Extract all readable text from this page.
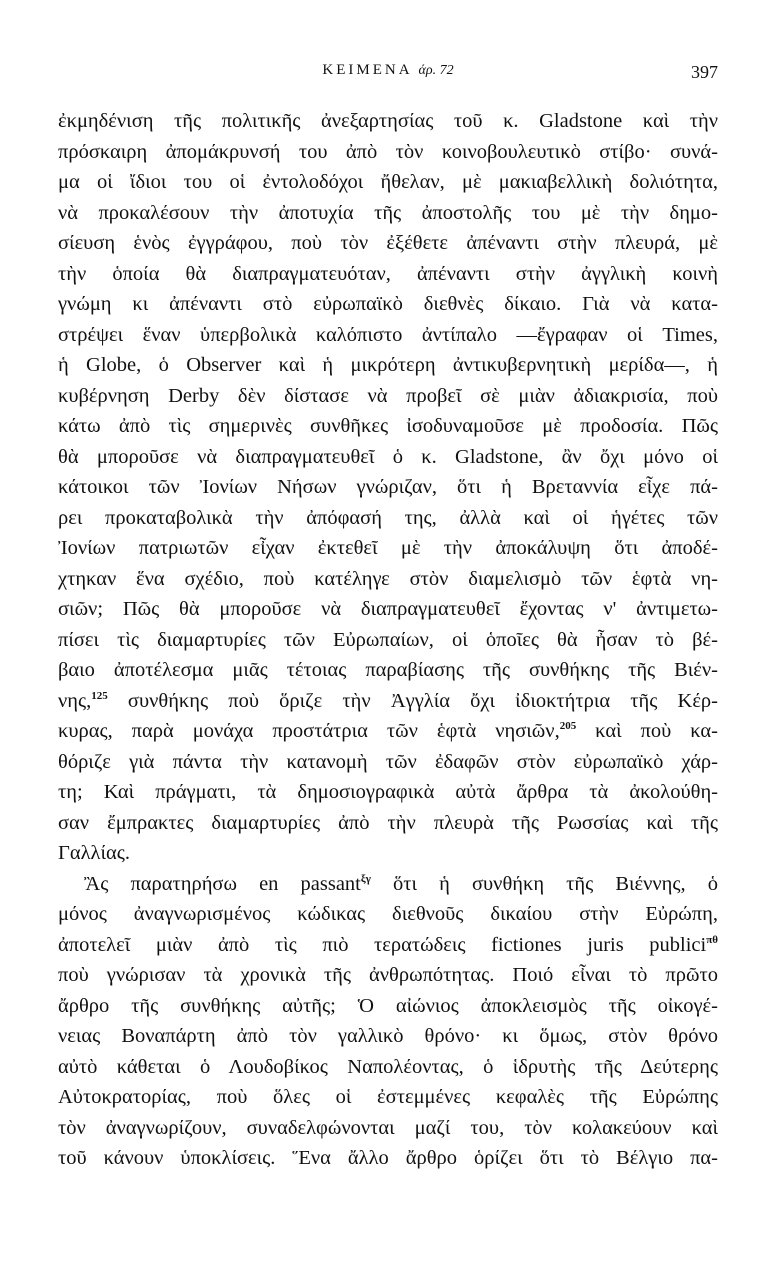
ΚΕΙΜΕΝΑ άρ. 72	397
ἐκμηδένιση τῆς πολιτικῆς ἀνεξαρτησίας τοῦ κ. Gladstone καὶ τὴν
πρόσκαιρη ἀπομάκρυνσή του ἀπὸ τὸν κοινοβουλευτικὸ στίβο· συνά-
μα οἱ ἴδιοι του οἱ ἐντολοδόχοι ἤθελαν, μὲ μακιαβελλικὴ δολιότητα,
νὰ προκαλέσουν τὴν ἀποτυχία τῆς ἀποστολῆς του μὲ τὴν δημο-
σίευση ἑνὸς ἐγγράφου, ποὺ τὸν ἐξέθετε ἀπέναντι στὴν πλευρά, μὲ
τὴν ὁποία θὰ διαπραγματευόταν, ἀπέναντι στὴν ἀγγλικὴ κοινὴ
γνώμη κι ἀπέναντι στὸ εὐρωπαϊκὸ διεθνὲς δίκαιο. Γιὰ νὰ κατα-
στρέψει ἕναν ὑπερβολικὰ καλόπιστο ἀντίπαλο —ἔγραφαν οἱ Times,
ἡ Globe, ὁ Observer καὶ ἡ μικρότερη ἀντικυβερνητικὴ μερίδα—, ἡ
κυβέρνηση Derby δὲν δίστασε νὰ προβεῖ σὲ μιὰν ἀδιακρισία, ποὺ
κάτω ἀπὸ τὶς σημερινὲς συνθῆκες ἰσοδυναμοῦσε μὲ προδοσία. Πῶς
θὰ μποροῦσε νὰ διαπραγματευθεῖ ὁ κ. Gladstone, ἂν ὄχι μόνο οἱ
κάτοικοι τῶν Ἰονίων Νήσων γνώριζαν, ὅτι ἡ Βρεταννία εἶχε πά-
ρει προκαταβολικὰ τὴν ἀπόφασή της, ἀλλὰ καὶ οἱ ἡγέτες τῶν
Ἰονίων πατριωτῶν εἶχαν ἐκτεθεῖ μὲ τὴν ἀποκάλυψη ὅτι ἀποδέ-
χτηκαν ἕνα σχέδιο, ποὺ κατέληγε στὸν διαμελισμὸ τῶν ἑφτὰ νη-
σιῶν; Πῶς θὰ μποροῦσε νὰ διαπραγματευθεῖ ἔχοντας ν' ἀντιμετω-
πίσει τὶς διαμαρτυρίες τῶν Εὐρωπαίων, οἱ ὁποῖες θὰ ἦσαν τὸ βέ-
βαιο ἀποτέλεσμα μιᾶς τέτοιας παραβίασης τῆς συνθήκης τῆς Βιέν-
νης,$^{125}$ συνθήκης ποὺ ὅριζε τὴν Ἀγγλία ὄχι ἰδιοκτήτρια τῆς Κέρ-
κυρας, παρὰ μονάχα προστάτρια τῶν ἑφτὰ νησιῶν,$^{205}$ καὶ ποὺ κα-
θόριζε γιὰ πάντα τὴν κατανομὴ τῶν ἐδαφῶν στὸν εὐρωπαϊκὸ χάρ-
τη; Καὶ πράγματι, τὰ δημοσιογραφικὰ αὐτὰ ἄρθρα τὰ ἀκολούθη-
σαν ἔμπρακτες διαμαρτυρίες ἀπὸ τὴν πλευρὰ τῆς Ρωσσίας καὶ τῆς
Γαλλίας.
Ἂς παρατηρήσω en passant$^{\xi\gamma}$ ὅτι ἡ συνθήκη τῆς Βιέννης, ὁ
μόνος ἀναγνωρισμένος κώδικας διεθνοῦς δικαίου στὴν Εὐρώπη,
ἀποτελεῖ μιὰν ἀπὸ τὶς πιὸ τερατώδεις fictiones juris publici$^{\pi\theta}$
ποὺ γνώρισαν τὰ χρονικὰ τῆς ἀνθρωπότητας. Ποιό εἶναι τὸ πρῶτο
ἄρθρο τῆς συνθήκης αὐτῆς; Ὁ αἰώνιος ἀποκλεισμὸς τῆς οἰκογέ-
νειας Βοναπάρτη ἀπὸ τὸν γαλλικὸ θρόνο· κι ὅμως, στὸν θρόνο
αὐτὸ κάθεται ὁ Λουδοβίκος Ναπολέοντας, ὁ ἱδρυτὴς τῆς Δεύτερης
Αὐτοκρατορίας, ποὺ ὅλες οἱ ἐστεμμένες κεφαλὲς τῆς Εὐρώπης
τὸν ἀναγνωρίζουν, συναδελφώνονται μαζί του, τὸν κολακεύουν καὶ
τοῦ κάνουν ὑποκλίσεις. Ἕνα ἄλλο ἄρθρο ὁρίζει ὅτι τὸ Βέλγιο πα-
